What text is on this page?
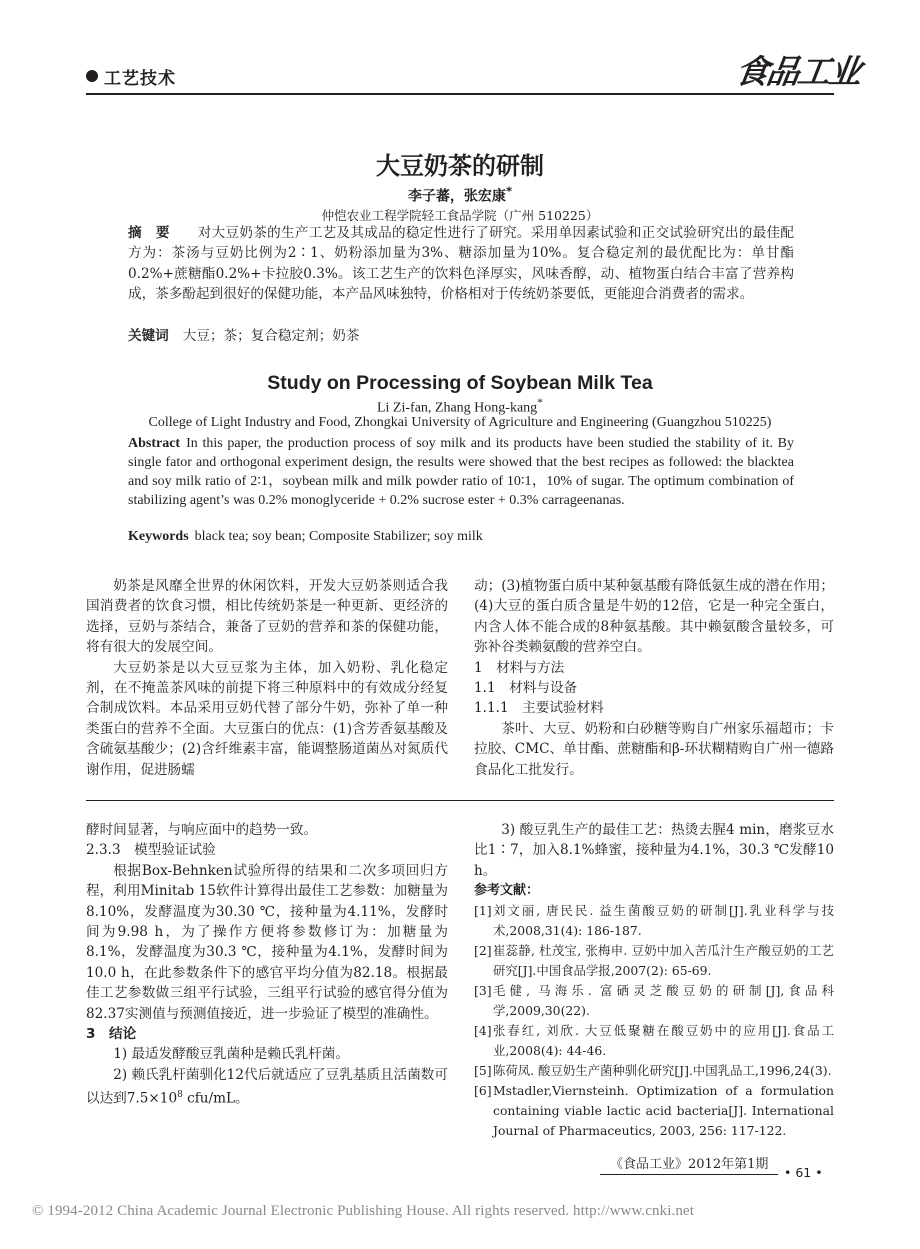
工艺技术	食品工业
大豆奶茶的研制
李子蕃，张宏康*
仲恺农业工程学院轻工食品学院（广州 510225）
摘要 对大豆奶茶的生产工艺及其成品的稳定性进行了研究。采用单因素试验和正交试验研究出的最佳配方为：茶汤与豆奶比例为2∶1、奶粉添加量为3%、糖添加量为10%。复合稳定剂的最优配比为：单甘酯0.2%+蔗糖酯0.2%+卡拉胶0.3%。该工艺生产的饮料色泽厚实，风味香醇，动、植物蛋白结合丰富了营养构成，茶多酚起到很好的保健功能，本产品风味独特，价格相对于传统奶茶要低，更能迎合消费者的需求。
关键词 大豆；茶；复合稳定剂；奶茶
Study on Processing of Soybean Milk Tea
Li Zi-fan, Zhang Hong-kang*
College of Light Industry and Food, Zhongkai University of Agriculture and Engineering (Guangzhou 510225)
Abstract In this paper, the production process of soy milk and its products have been studied the stability of it. By single fator and orthogonal experiment design, the results were showed that the best recipes as followed: the blacktea and soy milk ratio of 2∶1，soybean milk and milk powder ratio of 10∶1，10% of sugar. The optimum combination of stabilizing agent’s was 0.2% monoglyceride + 0.2% sucrose ester + 0.3% carrageenanas.
Keywords black tea; soy bean; Composite Stabilizer; soy milk

奶茶是风靡全世界的休闲饮料，开发大豆奶茶则适合我国消费者的饮食习惯，相比传统奶茶是一种更新、更经济的选择，豆奶与茶结合，兼备了豆奶的营养和茶的保健功能，将有很大的发展空间。

大豆奶茶是以大豆豆浆为主体，加入奶粉、乳化稳定剂，在不掩盖茶风味的前提下将三种原料中的有效成分经复合制成饮料。本品采用豆奶代替了部分牛奶，弥补了单一种类蛋白的营养不全面。大豆蛋白的优点：(1)含芳香氨基酸及含硫氨基酸少；(2)含纤维素丰富，能调整肠道菌丛对氮质代谢作用，促进肠蠕

动；(3)植物蛋白质中某种氨基酸有降低氨生成的潜在作用；(4)大豆的蛋白质含量是牛奶的12倍，它是一种完全蛋白，内含人体不能合成的8种氨基酸。其中赖氨酸含量较多，可弥补谷类赖氨酸的营养空白。

1　材料与方法
1.1　材料与设备
1.1.1　主要试验材料

茶叶、大豆、奶粉和白砂糖等购自广州家乐福超市；卡拉胶、CMC、单甘酯、蔗糖酯和β-环状糊精购自广州一德路食品化工批发行。

酵时间显著，与响应面中的趋势一致。

2.3.3　模型验证试验

根据Box-Behnken试验所得的结果和二次多项回归方程，利用Minitab 15软件计算得出最佳工艺参数：加糖量为8.10%，发酵温度为30.30 ℃，接种量为4.11%，发酵时间为9.98 h，为了操作方便将参数修订为：加糖量为8.1%，发酵温度为30.3 ℃，接种量为4.1%，发酵时间为10.0 h，在此参数条件下的感官平均分值为82.18。根据最佳工艺参数做三组平行试验，三组平行试验的感官得分值为82.37实测值与预测值接近，进一步验证了模型的准确性。

3　结论

1) 最适发酵酸豆乳菌种是赖氏乳杆菌。

2) 赖氏乳杆菌驯化12代后就适应了豆乳基质且活菌数可以达到$7.5\times 10^8$ cfu/mL。

3) 酸豆乳生产的最佳工艺：热烫去腥4 min，磨浆豆水比1∶7，加入8.1%蜂蜜，接种量为4.1%，30.3 ℃发酵10 h。

参考文献：
[1] 刘文丽, 唐民民. 益生菌酸豆奶的研制[J].乳业科学与技术,2008,31(4): 186-187.
[2] 崔蕊静, 杜茂宝, 张梅申. 豆奶中加入苦瓜汁生产酸豆奶的工艺研究[J].中国食品学报,2007(2): 65-69.
[3] 毛健, 马海乐. 富硒灵芝酸豆奶的研制[J],食品科学,2009,30(22).
[4] 张春红, 刘欣. 大豆低聚糖在酸豆奶中的应用[J].食品工业,2008(4): 44-46.
[5] 陈荷凤. 酸豆奶生产菌种驯化研究[J].中国乳品工,1996,24(3).
[6] Mstadler,Viernsteinh. Optimization of a formulation containing viable lactic acid bacteria[J]. International Journal of Pharmaceutics, 2003, 256: 117-122.
《食品工业》2012年第1期
• 61 •
© 1994-2012 China Academic Journal Electronic Publishing House. All rights reserved. http://www.cnki.net
